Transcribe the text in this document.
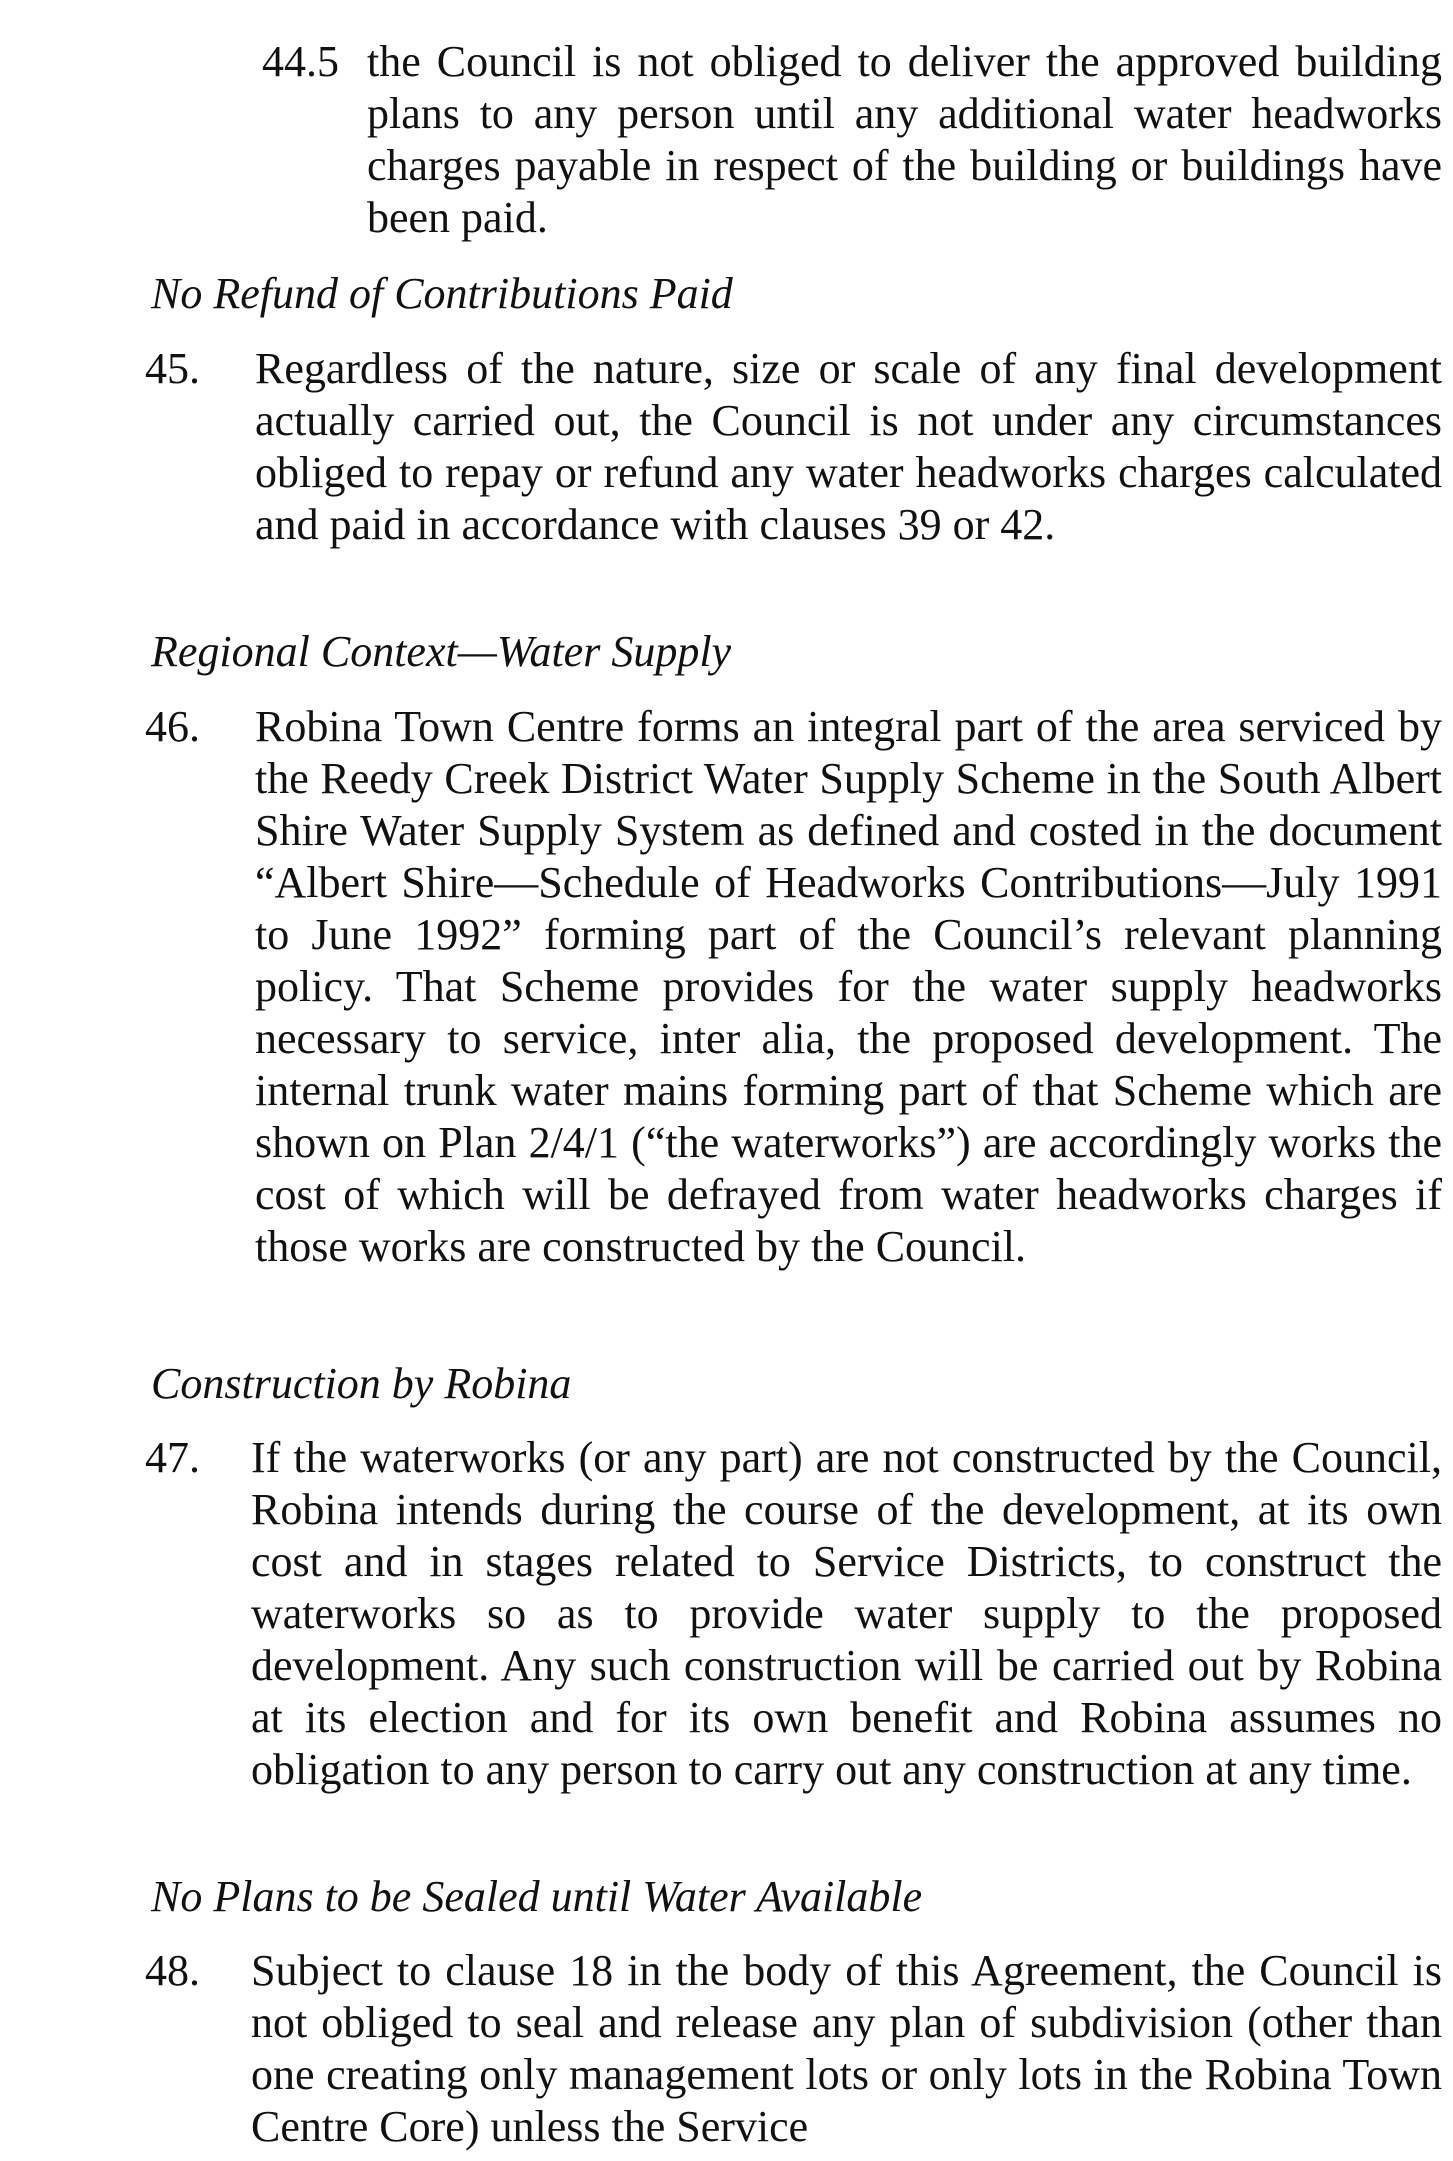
44.5 the Council is not obliged to deliver the approved building plans to any person until any additional water headworks charges payable in respect of the building or buildings have been paid.
No Refund of Contributions Paid
45. Regardless of the nature, size or scale of any final development actually carried out, the Council is not under any circumstances obliged to repay or refund any water headworks charges calculated and paid in accordance with clauses 39 or 42.
Regional Context—Water Supply
46. Robina Town Centre forms an integral part of the area serviced by the Reedy Creek District Water Supply Scheme in the South Albert Shire Water Supply System as defined and costed in the document “Albert Shire—Schedule of Headworks Contributions—July 1991 to June 1992” forming part of the Council’s relevant planning policy. That Scheme provides for the water supply headworks necessary to service, inter alia, the proposed development. The internal trunk water mains forming part of that Scheme which are shown on Plan 2/4/1 (“the waterworks”) are accordingly works the cost of which will be defrayed from water headworks charges if those works are constructed by the Council.
Construction by Robina
47. If the waterworks (or any part) are not constructed by the Council, Robina intends during the course of the development, at its own cost and in stages related to Service Districts, to construct the waterworks so as to provide water supply to the proposed development. Any such construction will be carried out by Robina at its election and for its own benefit and Robina assumes no obligation to any person to carry out any construction at any time.
No Plans to be Sealed until Water Available
48. Subject to clause 18 in the body of this Agreement, the Council is not obliged to seal and release any plan of subdivision (other than one creating only management lots or only lots in the Robina Town Centre Core) unless the Service
